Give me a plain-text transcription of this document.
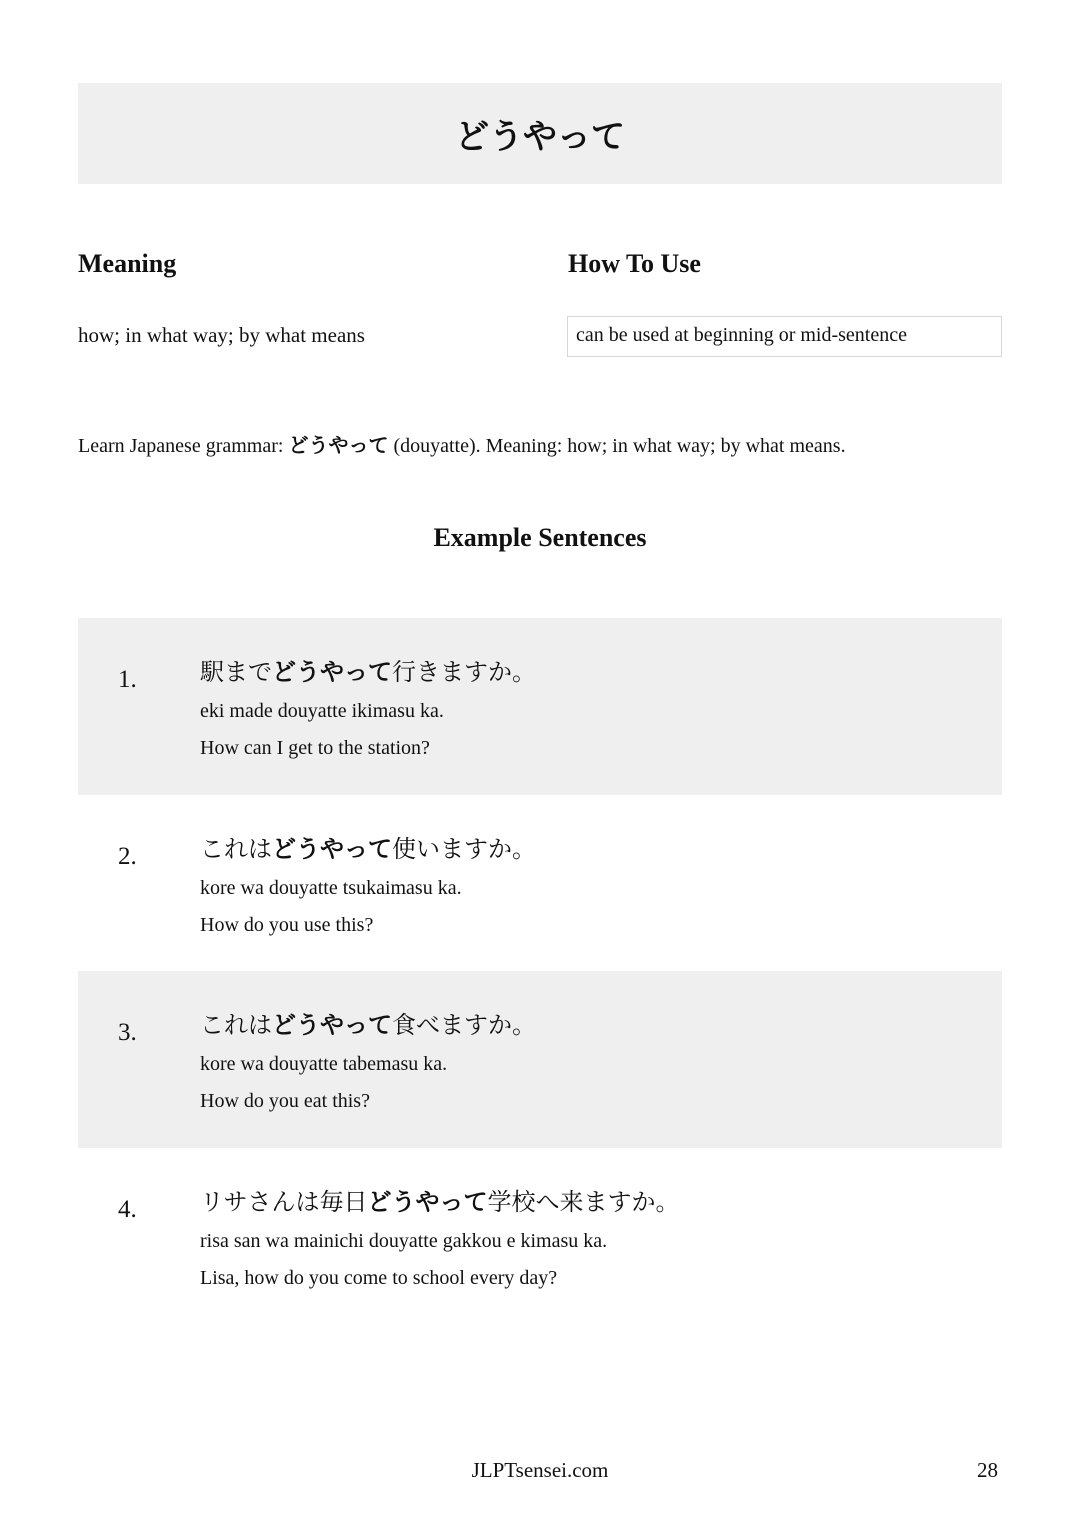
どうやって
Meaning	How To Use
how; in what way; by what means	can be used at beginning or mid-sentence
Learn Japanese grammar: どうやって (douyatte). Meaning: how; in what way; by what means.
Example Sentences
1.	駅までどうやって行きますか。
eki made douyatte ikimasu ka.
How can I get to the station?
2.	これはどうやって使いますか。
kore wa douyatte tsukaimasu ka.
How do you use this?
3.	これはどうやって食べますか。
kore wa douyatte tabemasu ka.
How do you eat this?
4.	リサさんは毎日どうやって学校へ来ますか。
risa san wa mainichi douyatte gakkou e kimasu ka.
Lisa, how do you come to school every day?
JLPTsensei.com	28
